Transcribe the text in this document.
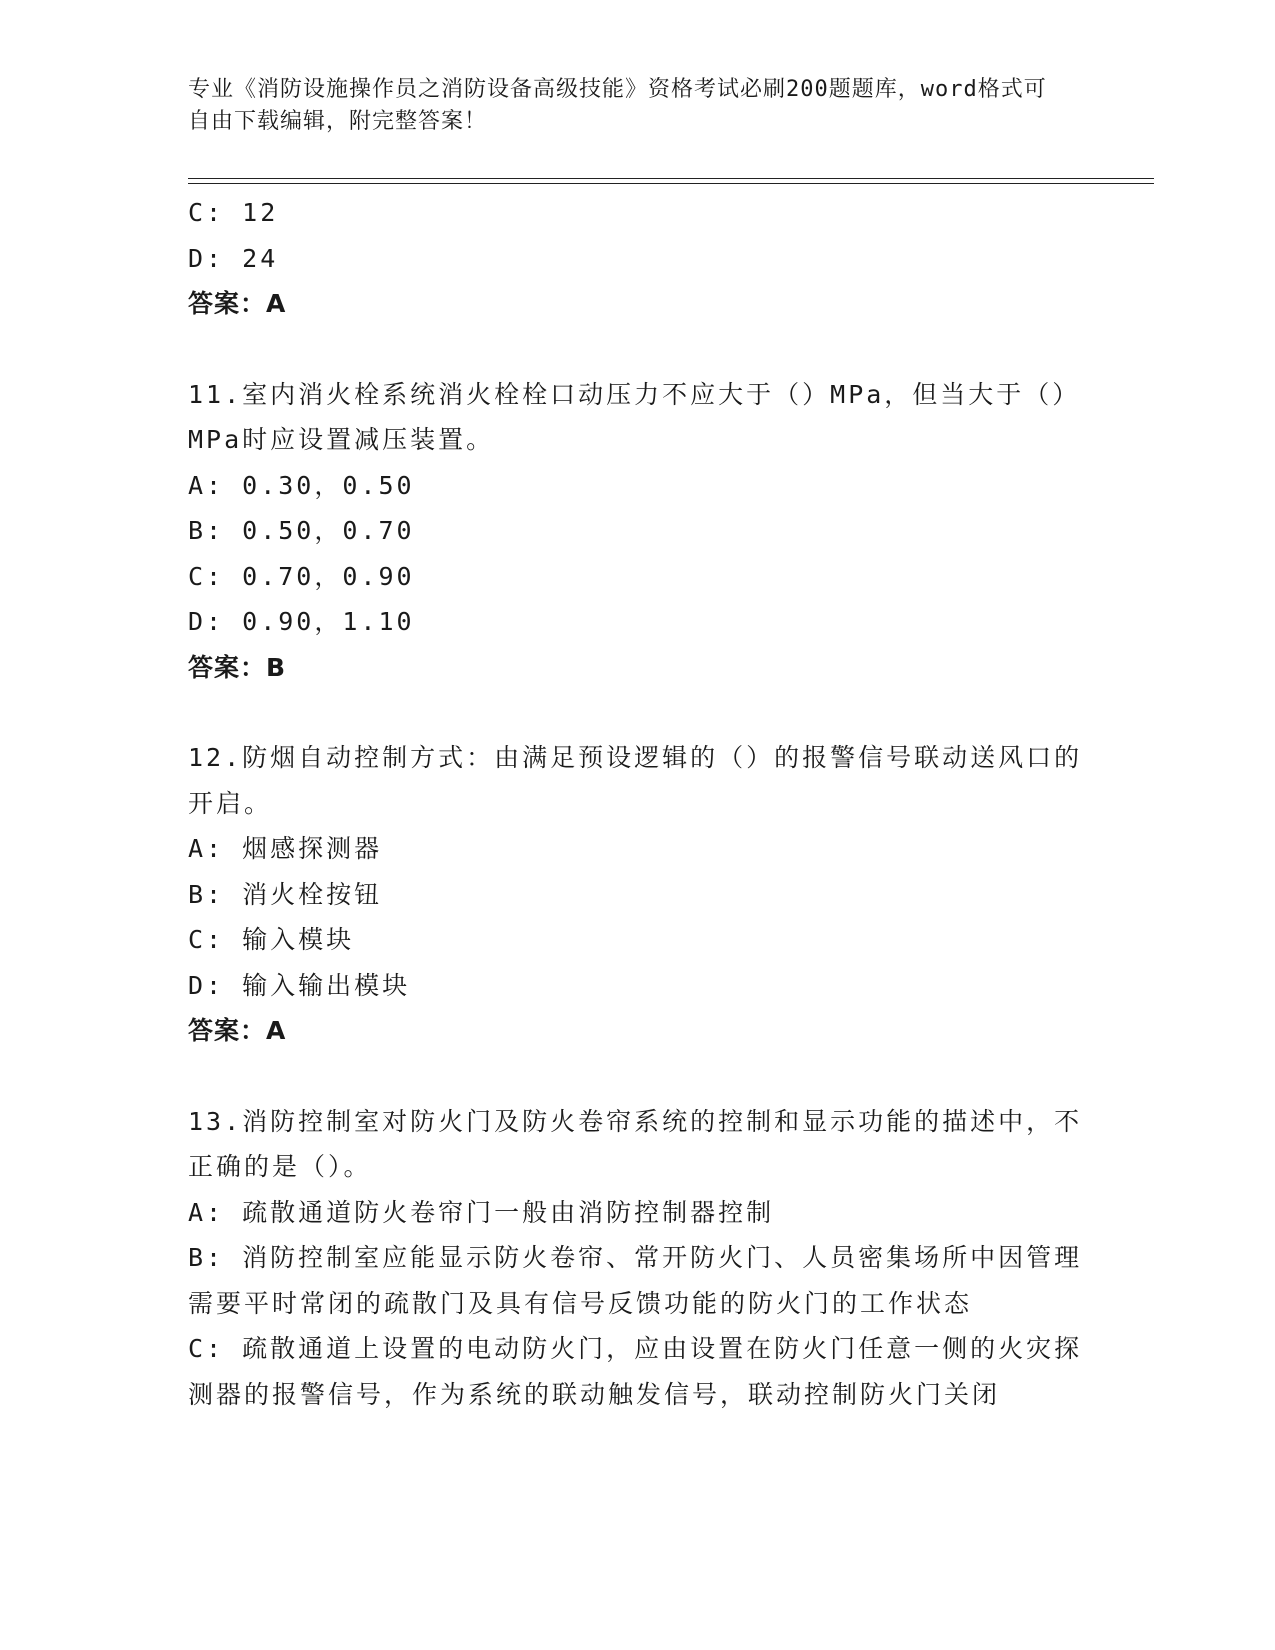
专业《消防设施操作员之消防设备高级技能》资格考试必刷200题题库，word格式可自由下载编辑，附完整答案！
C: 12
D: 24
答案：A
11.室内消火栓系统消火栓栓口动压力不应大于（）MPa，但当大于（）MPa时应设置减压装置。
A: 0.30，0.50
B: 0.50，0.70
C: 0.70，0.90
D: 0.90，1.10
答案：B
12.防烟自动控制方式：由满足预设逻辑的（）的报警信号联动送风口的开启。
A: 烟感探测器
B: 消火栓按钮
C: 输入模块
D: 输入输出模块
答案：A
13.消防控制室对防火门及防火卷帘系统的控制和显示功能的描述中，不正确的是（）。
A: 疏散通道防火卷帘门一般由消防控制器控制
B: 消防控制室应能显示防火卷帘、常开防火门、人员密集场所中因管理需要平时常闭的疏散门及具有信号反馈功能的防火门的工作状态
C: 疏散通道上设置的电动防火门，应由设置在防火门任意一侧的火灾探测器的报警信号，作为系统的联动触发信号，联动控制防火门关闭
